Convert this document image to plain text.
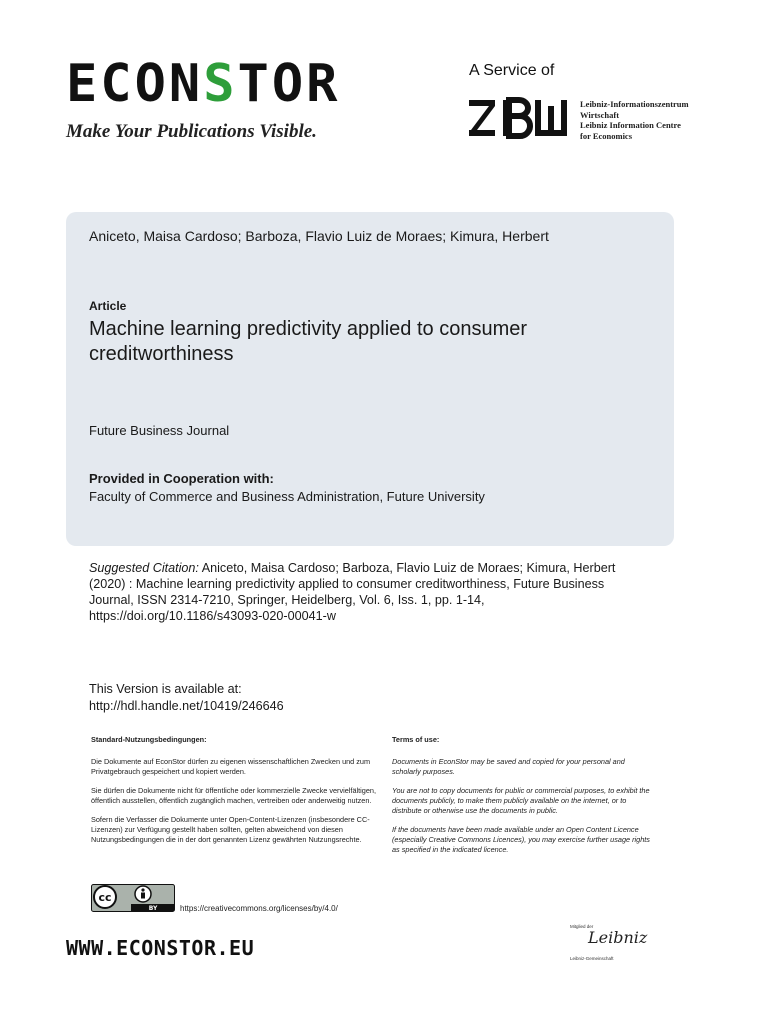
ECONSTOR
Make Your Publications Visible.
A Service of
Leibniz-Informationszentrum
Wirtschaft
Leibniz Information Centre
for Economics
Aniceto, Maisa Cardoso; Barboza, Flavio Luiz de Moraes; Kimura, Herbert
Article
Machine learning predictivity applied to consumer creditworthiness
Future Business Journal
Provided in Cooperation with:
Faculty of Commerce and Business Administration, Future University
Suggested Citation: Aniceto, Maisa Cardoso; Barboza, Flavio Luiz de Moraes; Kimura, Herbert (2020) : Machine learning predictivity applied to consumer creditworthiness, Future Business Journal, ISSN 2314-7210, Springer, Heidelberg, Vol. 6, Iss. 1, pp. 1-14, https://doi.org/10.1186/s43093-020-00041-w
This Version is available at:
http://hdl.handle.net/10419/246646
Standard-Nutzungsbedingungen:

Die Dokumente auf EconStor dürfen zu eigenen wissenschaftlichen Zwecken und zum Privatgebrauch gespeichert und kopiert werden.

Sie dürfen die Dokumente nicht für öffentliche oder kommerzielle Zwecke vervielfältigen, öffentlich ausstellen, öffentlich zugänglich machen, vertreiben oder anderweitig nutzen.

Sofern die Verfasser die Dokumente unter Open-Content-Lizenzen (insbesondere CC-Lizenzen) zur Verfügung gestellt haben sollten, gelten abweichend von diesen Nutzungsbedingungen die in der dort genannten Lizenz gewährten Nutzungsrechte.

Terms of use:

Documents in EconStor may be saved and copied for your personal and scholarly purposes.

You are not to copy documents for public or commercial purposes, to exhibit the documents publicly, to make them publicly available on the internet, or to distribute or otherwise use the documents in public.

If the documents have been made available under an Open Content Licence (especially Creative Commons Licences), you may exercise further usage rights as specified in the indicated licence.

cc
BY	https://creativecommons.org/licenses/by/4.0/
WWW.ECONSTOR.EU
Mitglied der
Leibniz
Leibniz-Gemeinschaft
